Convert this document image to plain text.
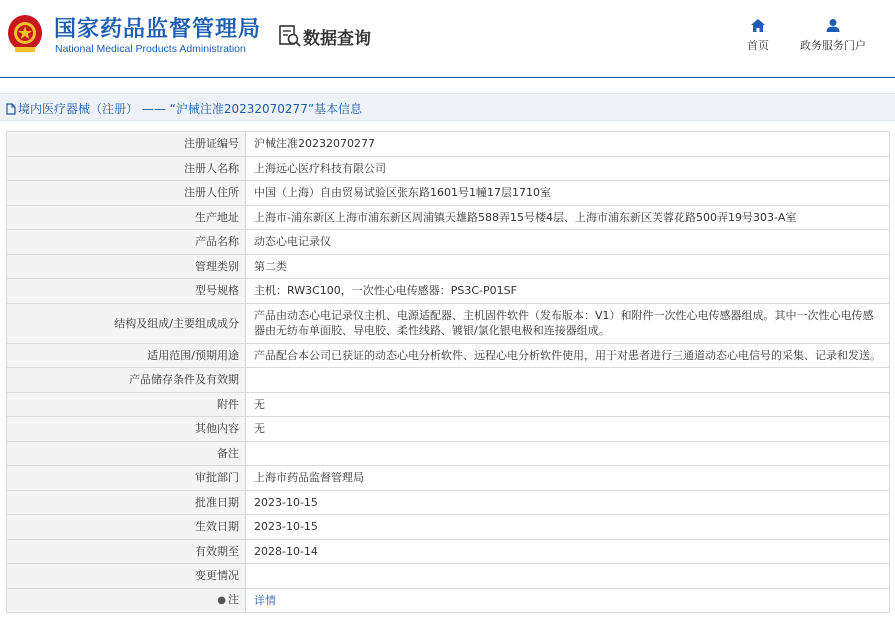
国家药品监督管理局
National Medical Products Administration	数据查询	首页	政务服务门户
境内医疗器械（注册） —— “沪械注准20232070277”基本信息
注册证编号	沪械注准20232070277
注册人名称	上海远心医疗科技有限公司
注册人住所	中国（上海）自由贸易试验区张东路1601号1幢17层1710室
生产地址	上海市-浦东新区上海市浦东新区周浦镇天雄路588弄15号楼4层、上海市浦东新区芙蓉花路500弄19号303-A室
产品名称	动态心电记录仪
管理类别	第二类
型号规格	主机：RW3C100，一次性心电传感器：PS3C-P01SF
结构及组成/主要组成成分	产品由动态心电记录仪主机、电源适配器、主机固件软件（发布版本：V1）和附件一次性心电传感器组成。其中一次性心电传感器由无纺布单面胶、导电胶、柔性线路、镀银/氯化银电极和连接器组成。
适用范围/预期用途	产品配合本公司已获证的动态心电分析软件、远程心电分析软件使用，用于对患者进行三通道动态心电信号的采集、记录和发送。
产品储存条件及有效期	
附件	无
其他内容	无
备注	
审批部门	上海市药品监督管理局
批准日期	2023-10-15
生效日期	2023-10-15
有效期至	2028-10-14
变更情况	
● 注	详情
